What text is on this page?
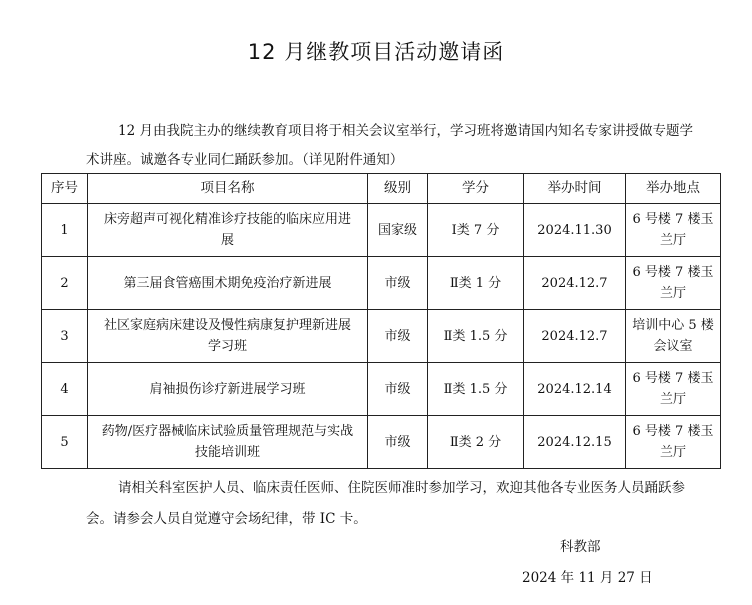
12 月继教项目活动邀请函
12 月由我院主办的继续教育项目将于相关会议室举行，学习班将邀请国内知名专家讲授做专题学术讲座。诚邀各专业同仁踊跃参加。（详见附件通知）
序号	项目名称	级别	学分	举办时间	举办地点
1	床旁超声可视化精准诊疗技能的临床应用进展	国家级	Ⅰ类 7 分	2024.11.30	6 号楼 7 楼玉兰厅
2	第三届食管癌围术期免疫治疗新进展	市级	Ⅱ类 1 分	2024.12.7	6 号楼 7 楼玉兰厅
3	社区家庭病床建设及慢性病康复护理新进展学习班	市级	Ⅱ类 1.5 分	2024.12.7	培训中心 5 楼会议室
4	肩袖损伤诊疗新进展学习班	市级	Ⅱ类 1.5 分	2024.12.14	6 号楼 7 楼玉兰厅
5	药物/医疗器械临床试验质量管理规范与实战技能培训班	市级	Ⅱ类 2 分	2024.12.15	6 号楼 7 楼玉兰厅
请相关科室医护人员、临床责任医师、住院医师准时参加学习，欢迎其他各专业医务人员踊跃参会。请参会人员自觉遵守会场纪律，带 IC 卡。
科教部
2024 年 11 月 27 日
